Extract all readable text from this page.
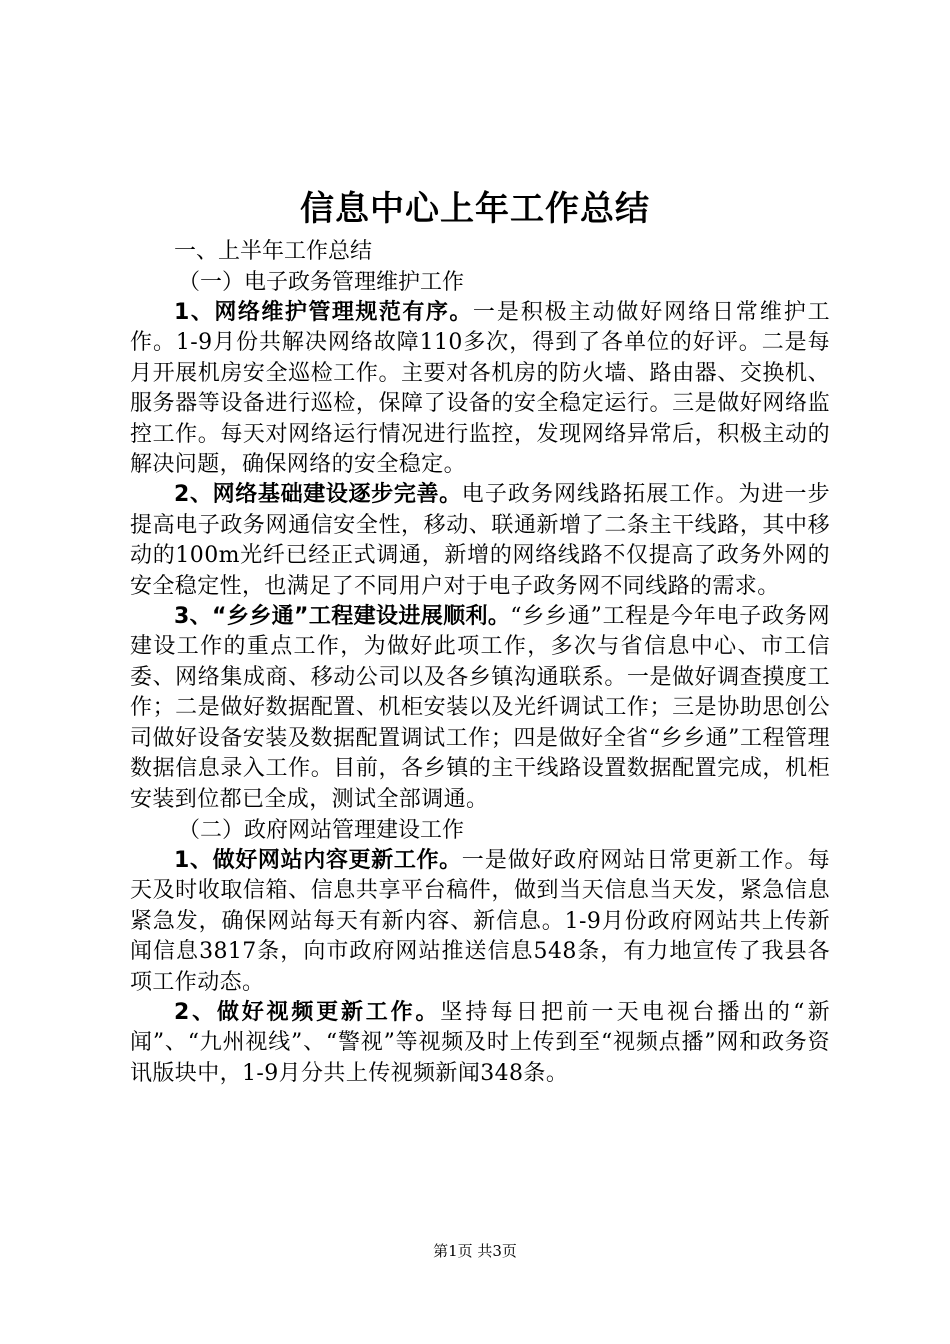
信息中心上年工作总结
一、上半年工作总结
（一）电子政务管理维护工作

1、网络维护管理规范有序。一是积极主动做好网络日常维护工作。1-9月份共解决网络故障110多次，得到了各单位的好评。二是每月开展机房安全巡检工作。主要对各机房的防火墙、路由器、交换机、服务器等设备进行巡检，保障了设备的安全稳定运行。三是做好网络监控工作。每天对网络运行情况进行监控，发现网络异常后，积极主动的解决问题，确保网络的安全稳定。

2、网络基础建设逐步完善。电子政务网线路拓展工作。为进一步提高电子政务网通信安全性，移动、联通新增了二条主干线路，其中移动的100m光纤已经正式调通，新增的网络线路不仅提高了政务外网的安全稳定性，也满足了不同用户对于电子政务网不同线路的需求。

3、“乡乡通”工程建设进展顺利。“乡乡通”工程是今年电子政务网建设工作的重点工作，为做好此项工作，多次与省信息中心、市工信委、网络集成商、移动公司以及各乡镇沟通联系。一是做好调查摸度工作；二是做好数据配置、机柜安装以及光纤调试工作；三是协助思创公司做好设备安装及数据配置调试工作；四是做好全省“乡乡通”工程管理数据信息录入工作。目前，各乡镇的主干线路设置数据配置完成，机柜安装到位都已全成，测试全部调通。

（二）政府网站管理建设工作

1、做好网站内容更新工作。一是做好政府网站日常更新工作。每天及时收取信箱、信息共享平台稿件，做到当天信息当天发，紧急信息紧急发，确保网站每天有新内容、新信息。1-9月份政府网站共上传新闻信息3817条，向市政府网站推送信息548条，有力地宣传了我县各项工作动态。

2、做好视频更新工作。坚持每日把前一天电视台播出的“新闻”、“九州视线”、“警视”等视频及时上传到至“视频点播”网和政务资讯版块中，1-9月分共上传视频新闻348条。

第1页 共3页
